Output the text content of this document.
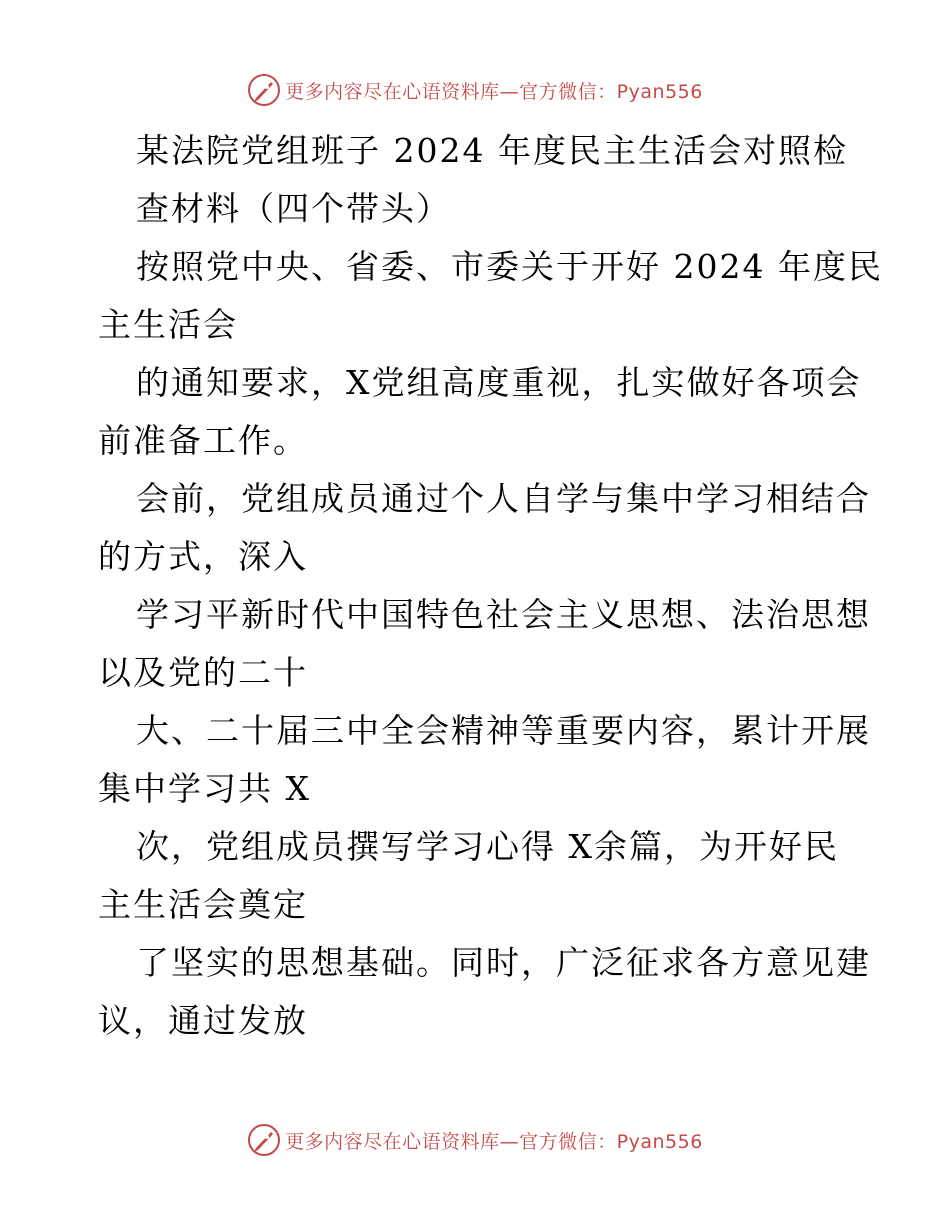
更多内容尽在心语资料库—官方微信：Pyan556
某法院党组班子 2024 年度民主生活会对照检
查材料（四个带头）
按照党中央、省委、市委关于开好 2024 年度民
主生活会
的通知要求，X党组高度重视，扎实做好各项会
前准备工作。
会前，党组成员通过个人自学与集中学习相结合
的方式，深入
学习平新时代中国特色社会主义思想、法治思想
以及党的二十
大、二十届三中全会精神等重要内容，累计开展
集中学习共 X
次，党组成员撰写学习心得 X余篇，为开好民
主生活会奠定
了坚实的思想基础。同时，广泛征求各方意见建
议，通过发放
更多内容尽在心语资料库—官方微信：Pyan556
